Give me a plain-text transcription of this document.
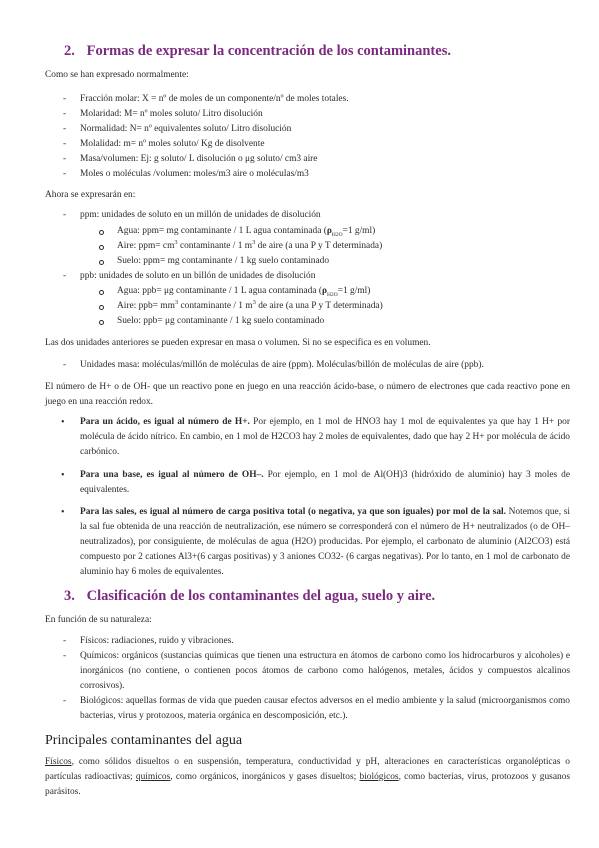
2. Formas de expresar la concentración de los contaminantes.
Como se han expresado normalmente:
- Fracción molar: X = nº de moles de un componente/nº de moles totales.
- Molaridad: M= nº moles soluto/ Litro disolución
- Normalidad: N= nº equivalentes soluto/ Litro disolución
- Molalidad: m= nº moles soluto/ Kg de disolvente
- Masa/volumen: Ej: g soluto/ L disolución o μg soluto/ cm3 aire
- Moles o moléculas /volumen: moles/m3 aire o moléculas/m3
Ahora se expresarán en:
- ppm: unidades de soluto en un millón de unidades de disolución
Agua: ppm= mg contaminante / 1 L agua contaminada ($\rho_{H2O}=1$ g/ml)
Aire: $ppm= cm^3$ contaminante / 1 $m^3$ de aire (a una P y T determinada)
Suelo: ppm= mg contaminante / 1 kg suelo contaminado
- ppb: unidades de soluto en un billón de unidades de disolución
Agua: ppb= μg contaminante / 1 L agua contaminada ($\rho_{H2O}=1$ g/ml)
Aire: $ppb= mm^3$ contaminante / 1 $m^3$ de aire (a una P y T determinada)
Suelo: ppb= μg contaminante / 1 kg suelo contaminado
Las dos unidades anteriores se pueden expresar en masa o volumen. Si no se especifica es en volumen.
- Unidades masa: moléculas/millón de moléculas de aire (ppm). Moléculas/billón de moléculas de aire (ppb).
El número de H+ o de OH- que un reactivo pone en juego en una reacción ácido-base, o número de electrones que cada reactivo pone en juego en una reacción redox.
• Para un ácido, es igual al número de H+. Por ejemplo, en 1 mol de HNO3 hay 1 mol de equivalentes ya que hay 1 H+ por molécula de ácido nítrico. En cambio, en 1 mol de H2CO3 hay 2 moles de equivalentes, dado que hay 2 H+ por molécula de ácido carbónico.
• Para una base, es igual al número de OH–. Por ejemplo, en 1 mol de Al(OH)3 (hidróxido de aluminio) hay 3 moles de equivalentes.
• Para las sales, es igual al número de carga positiva total (o negativa, ya que son iguales) por mol de la sal. Notemos que, si la sal fue obtenida de una reacción de neutralización, ese número se corresponderá con el número de H+ neutralizados (o de OH– neutralizados), por consiguiente, de moléculas de agua (H2O) producidas. Por ejemplo, el carbonato de aluminio (Al2CO3) está compuesto por 2 cationes Al3+(6 cargas positivas) y 3 aniones CO32- (6 cargas negativas). Por lo tanto, en 1 mol de carbonato de aluminio hay 6 moles de equivalentes.
3. Clasificación de los contaminantes del agua, suelo y aire.
En función de su naturaleza:
- Físicos: radiaciones, ruido y vibraciones.
- Químicos: orgánicos (sustancias químicas que tienen una estructura en átomos de carbono como los hidrocarburos y alcoholes) e inorgánicos (no contiene, o contienen pocos átomos de carbono como halógenos, metales, ácidos y compuestos alcalinos corrosivos).
- Biológicos: aquellas formas de vida que pueden causar efectos adversos en el medio ambiente y la salud (microorganismos como bacterias, virus y protozoos, materia orgánica en descomposición, etc.).
Principales contaminantes del agua
Físicos, como sólidos disueltos o en suspensión, temperatura, conductividad y pH, alteraciones en características organolépticas o partículas radioactivas; químicos, como orgánicos, inorgánicos y gases disueltos; biológicos, como bacterias, virus, protozoos y gusanos parásitos.
